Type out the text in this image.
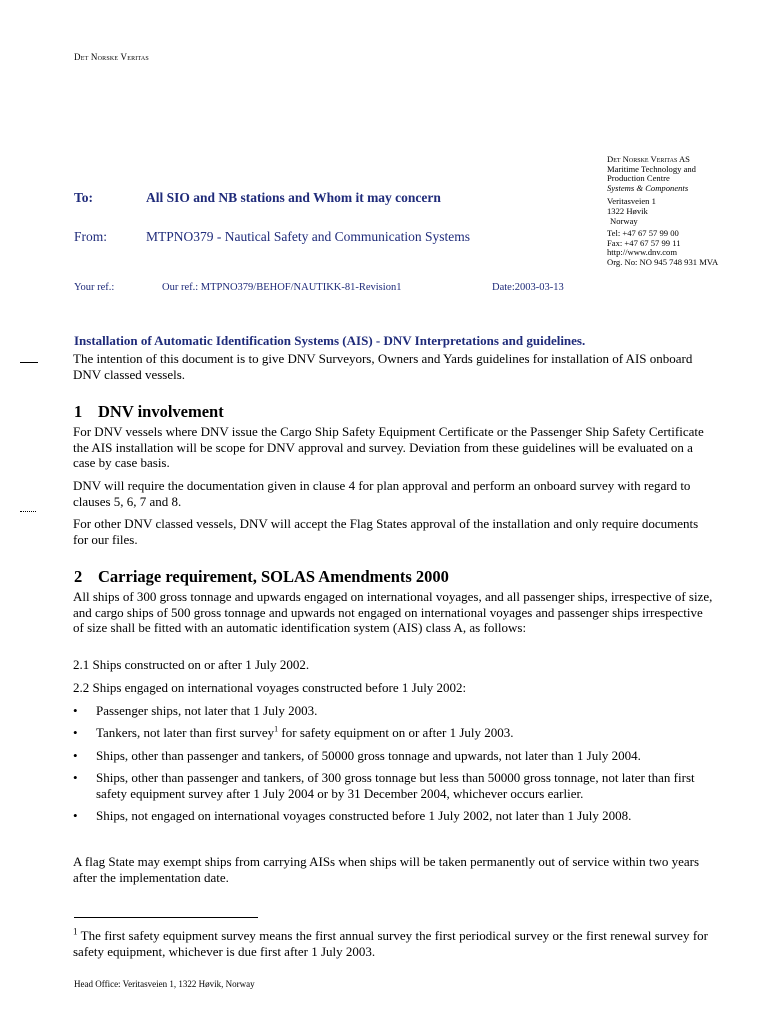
Det Norske Veritas
Det Norske Veritas AS
Maritime Technology and
Production Centre
Systems & Components
Veritasveien 1
1322 Høvik
Norway
Tel: +47 67 57 99 00
Fax: +47 67 57 99 11
http://www.dnv.com
Org. No: NO 945 748 931 MVA
To:	All SIO and NB stations and Whom it may concern
From:	MTPNO379 - Nautical Safety and Communication Systems
Your ref.:	Our ref.: MTPNO379/BEHOF/NAUTIKK-81-Revision1	Date:2003-03-13
Installation of Automatic Identification Systems (AIS) - DNV Interpretations and guidelines.
The intention of this document is to give DNV Surveyors, Owners and Yards guidelines for installation of AIS onboard DNV classed vessels.
1 DNV involvement
For DNV vessels where DNV issue the Cargo Ship Safety Equipment Certificate or the Passenger Ship Safety Certificate the AIS installation will be scope for DNV approval and survey. Deviation from these guidelines will be evaluated on a case by case basis.
DNV will require the documentation given in clause 4 for plan approval and perform an onboard survey with regard to clauses 5, 6, 7 and 8.
For other DNV classed vessels, DNV will accept the Flag States approval of the installation and only require documents for our files.
2 Carriage requirement, SOLAS Amendments 2000
All ships of 300 gross tonnage and upwards engaged on international voyages, and all passenger ships, irrespective of size, and cargo ships of 500 gross tonnage and upwards not engaged on international voyages and passenger ships irrespective of size shall be fitted with an automatic identification system (AIS) class A, as follows:
2.1 Ships constructed on or after 1 July 2002.
2.2 Ships engaged on international voyages constructed before 1 July 2002:
• Passenger ships, not later that 1 July 2003.
• Tankers, not later than first survey$^1$ for safety equipment on or after 1 July 2003.
• Ships, other than passenger and tankers, of 50000 gross tonnage and upwards, not later than 1 July 2004.
• Ships, other than passenger and tankers, of 300 gross tonnage but less than 50000 gross tonnage, not later than first safety equipment survey after 1 July 2004 or by 31 December 2004, whichever occurs earlier.
• Ships, not engaged on international voyages constructed before 1 July 2002, not later than 1 July 2008.
A flag State may exempt ships from carrying AISs when ships will be taken permanently out of service within two years after the implementation date.
$^1$ The first safety equipment survey means the first annual survey the first periodical survey or the first renewal survey for safety equipment, whichever is due first after 1 July 2003.
Head Office: Veritasveien 1, 1322 Høvik, Norway
